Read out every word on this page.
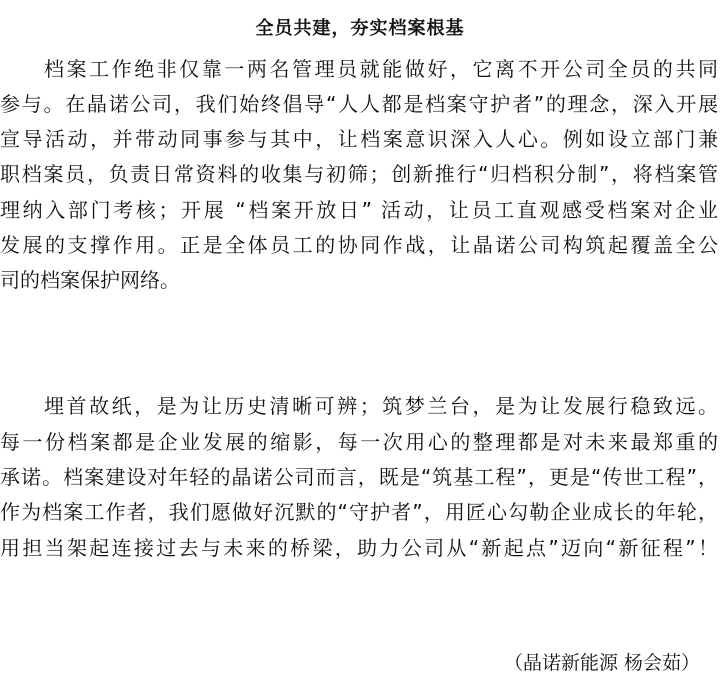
全员共建，夯实档案根基
档案工作绝非仅靠一两名管理员就能做好，它离不开公司全员的共同
参与。在晶诺公司，我们始终倡导“人人都是档案守护者”的理念，深入开展
宣导活动，并带动同事参与其中，让档案意识深入人心。例如设立部门兼
职档案员，负责日常资料的收集与初筛；创新推行“归档积分制”，将档案管
理纳入部门考核；开展 “档案开放日” 活动，让员工直观感受档案对企业
发展的支撑作用。正是全体员工的协同作战，让晶诺公司构筑起覆盖全公
司的档案保护网络。
埋首故纸，是为让历史清晰可辨；筑梦兰台，是为让发展行稳致远。
每一份档案都是企业发展的缩影，每一次用心的整理都是对未来最郑重的
承诺。档案建设对年轻的晶诺公司而言，既是“筑基工程”，更是“传世工程”，
作为档案工作者，我们愿做好沉默的“守护者”，用匠心勾勒企业成长的年轮，
用担当架起连接过去与未来的桥梁，助力公司从“新起点”迈向“新征程”！
（晶诺新能源 杨会茹）
